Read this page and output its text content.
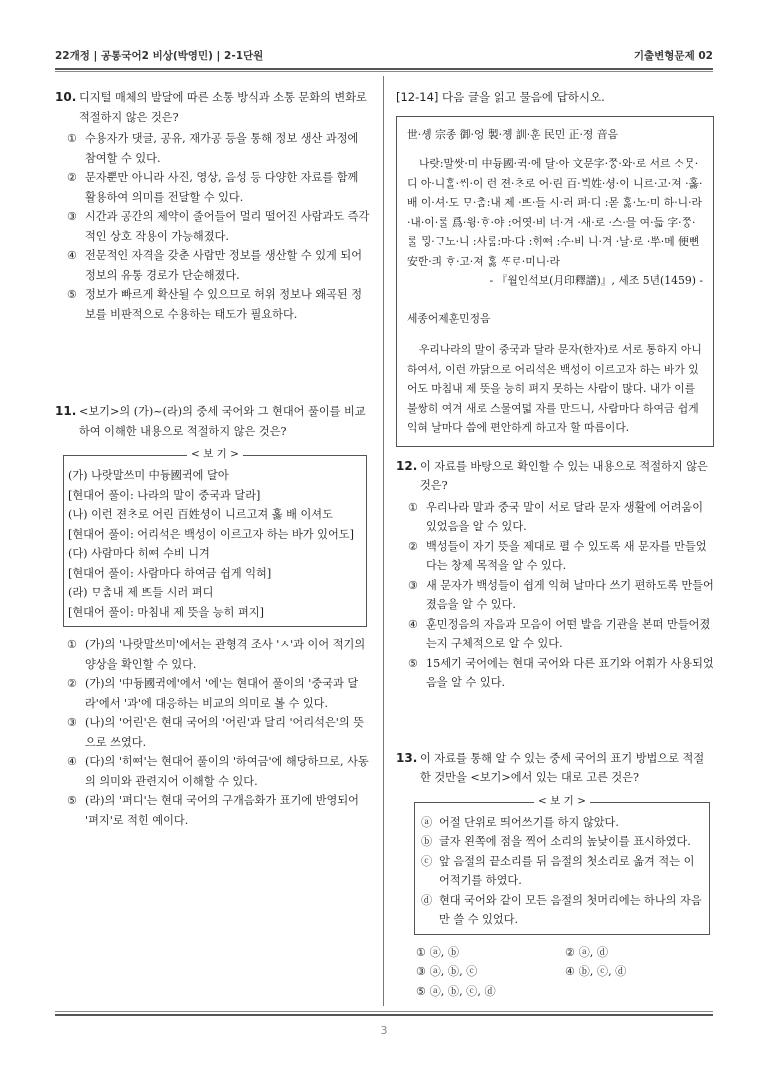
22개정 | 공통국어2 비상(박영민) | 2-1단원	기출변형문제 02
3
10. 디지털 매체의 발달에 따른 소통 방식과 소통 문화의 변화로 적절하지 않은 것은?
① 수용자가 댓글, 공유, 재가공 등을 통해 정보 생산 과정에 참여할 수 있다.
② 문자뿐만 아니라 사진, 영상, 음성 등 다양한 자료를 함께 활용하여 의미를 전달할 수 있다.
③ 시간과 공간의 제약이 줄어들어 멀리 떨어진 사람과도 즉각적인 상호 작용이 가능해졌다.
④ 전문적인 자격을 갖춘 사람만 정보를 생산할 수 있게 되어 정보의 유통 경로가 단순해졌다.
⑤ 정보가 빠르게 확산될 수 있으므로 허위 정보나 왜곡된 정보를 비판적으로 수용하는 태도가 필요하다.
11. <보기>의 (가)~(라)의 중세 국어와 그 현대어 풀이를 비교하여 이해한 내용으로 적절하지 않은 것은?
< 보 기 >
(가) 나랏말쓰미 中듕國귁에 달아
[현대어 풀이: 나라의 말이 중국과 달라]
(나) 이런 젼ᄎᆞ로 어린 百姓셩이 니르고져 홇 배 이셔도
[현대어 풀이: 어리석은 백성이 이르고자 하는 바가 있어도]
(다) 사람마다 히ᅇᅧ 수비 니겨
[현대어 풀이: 사람마다 하여금 쉽게 익혀]
(라) ᄆᆞᄎᆞᆷ내 제 ᄠᅳ들 시러 펴디
[현대어 풀이: 마침내 제 뜻을 능히 펴지]
① (가)의 '나랏말쓰미'에서는 관형격 조사 'ㅅ'과 이어 적기의 양상을 확인할 수 있다.
② (가)의 '中듕國귁에'에서 '에'는 현대어 풀이의 '중국과 달라'에서 '과'에 대응하는 비교의 의미로 볼 수 있다.
③ (나)의 '어린'은 현대 국어의 '어린'과 달리 '어리석은'의 뜻으로 쓰였다.
④ (다)의 '히ᅇᅧ'는 현대어 풀이의 '하여금'에 해당하므로, 사동의 의미와 관련지어 이해할 수 있다.
⑤ (라)의 '펴디'는 현대 국어의 구개음화가 표기에 반영되어 '펴지'로 적힌 예이다.
[12-14] 다음 글을 읽고 물음에 답하시오.

世·솅 宗종 御·엉 製·졩 訓·훈 民민 正·졍 音음

나랏:말쌋·미 中듕國·귁·에 달·아 文문字·ᄍᆞᆼ·와·로 서르 ᄉᆞᄆᆞᆺ·디 아·니ᄒᆞᆯ·ᄊᆡ·이 런 젼·ᄎᆞ로 어·린 百·ᄇᆡᆨ姓·셩·이 니르·고·져 ·홇·배 이·셔·도 ᄆᆞ·ᄎᆞᆷ:내 제 ·ᄠᅳ·들 시·러 펴·디 :몯 ᄒᆞᇙ·노·미 하·니·라 ·내·이·ᄅᆞᆯ 爲·윙·ᄒᆞ·야 :어엿·비 너·겨 ·새·로 ·스·믈 여·듧 字·ᄍᆞᆼ·ᄅᆞᆯ ᄆᆡᇰ·ᄀᆞ노·니 :사ᄅᆞᆷ:마·다 :ᄒᆡᅇᅧ :수·비 니·겨 ·날·로 ·ᄡᅮ·메 便뼌安ᅙᅡᆫ·킈 ᄒᆞ·고·져 ᄒᆞᇙ ᄯᆞᄅᆞ·미니·라

- 『월인석보(月印釋譜)』, 세조 5년(1459) -

세종어제훈민정음

우리나라의 말이 중국과 달라 문자(한자)로 서로 통하지 아니하여서, 이런 까닭으로 어리석은 백성이 이르고자 하는 바가 있어도 마침내 제 뜻을 능히 펴지 못하는 사람이 많다. 내가 이를 불쌍히 여겨 새로 스물여덟 자를 만드니, 사람마다 하여금 쉽게 익혀 날마다 씀에 편안하게 하고자 할 따름이다.

12. 이 자료를 바탕으로 확인할 수 있는 내용으로 적절하지 않은 것은?
① 우리나라 말과 중국 말이 서로 달라 문자 생활에 어려움이 있었음을 알 수 있다.
② 백성들이 자기 뜻을 제대로 펼 수 있도록 새 문자를 만들었다는 창제 목적을 알 수 있다.
③ 새 문자가 백성들이 쉽게 익혀 날마다 쓰기 편하도록 만들어졌음을 알 수 있다.
④ 훈민정음의 자음과 모음이 어떤 발음 기관을 본떠 만들어졌는지 구체적으로 알 수 있다.
⑤ 15세기 국어에는 현대 국어와 다른 표기와 어휘가 사용되었음을 알 수 있다.
13. 이 자료를 통해 알 수 있는 중세 국어의 표기 방법으로 적절한 것만을 <보기>에서 있는 대로 고른 것은?
< 보 기 >
ⓐ 어절 단위로 띄어쓰기를 하지 않았다.
ⓑ 글자 왼쪽에 점을 찍어 소리의 높낮이를 표시하였다.
ⓒ 앞 음절의 끝소리를 뒤 음절의 첫소리로 옮겨 적는 이어적기를 하였다.
ⓓ 현대 국어와 같이 모든 음절의 첫머리에는 하나의 자음만 쓸 수 있었다.
① ⓐ, ⓑ	② ⓐ, ⓓ
③ ⓐ, ⓑ, ⓒ	④ ⓑ, ⓒ, ⓓ
⑤ ⓐ, ⓑ, ⓒ, ⓓ
